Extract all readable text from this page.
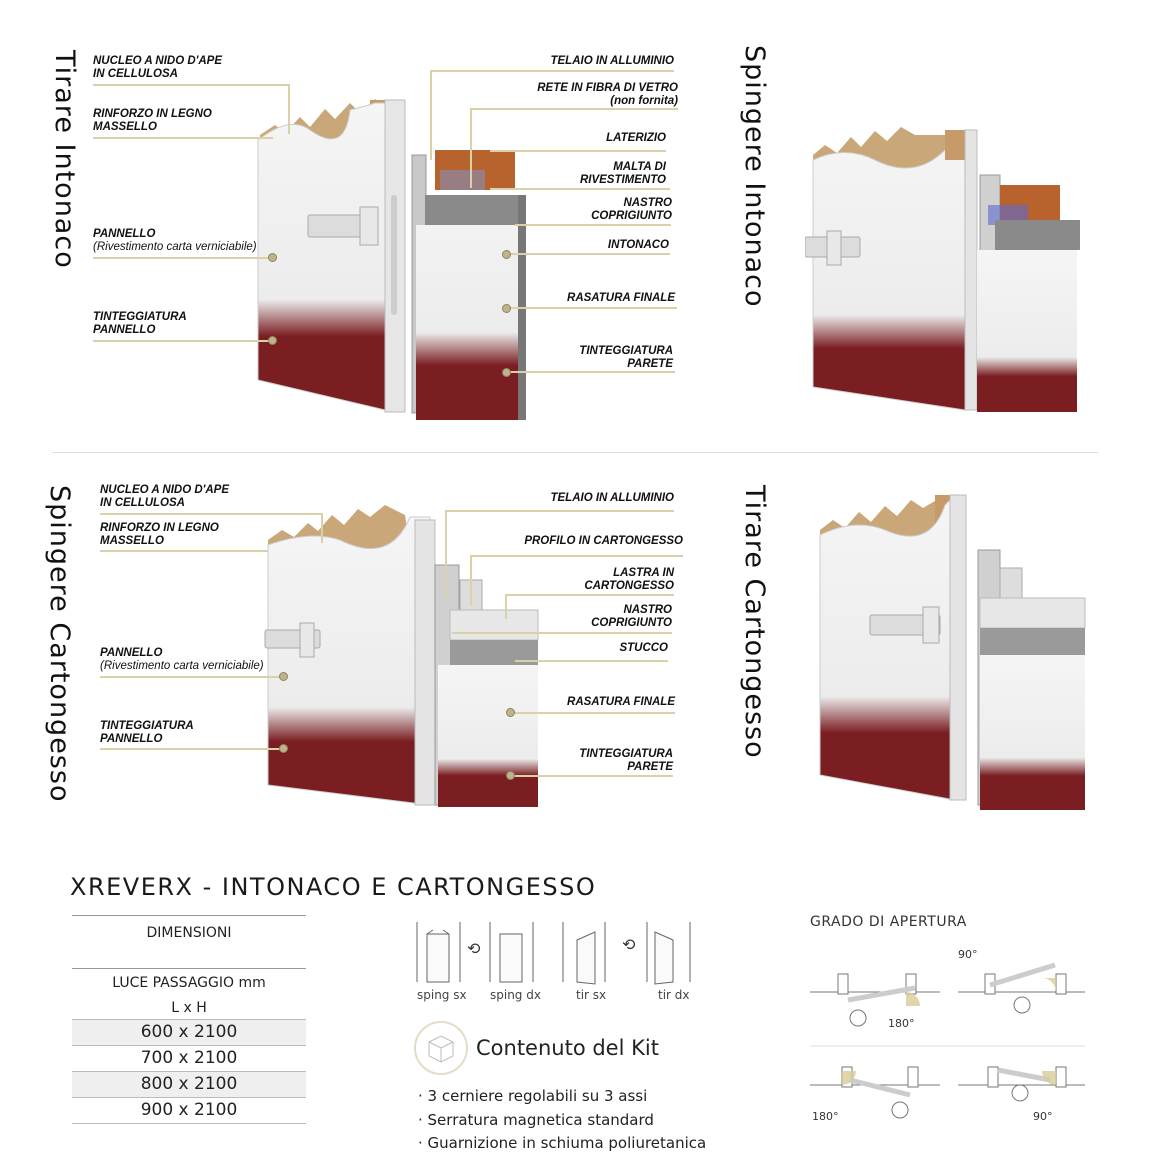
Tirare Intonaco NUCLEO A NIDO D'APE
IN CELLULOSA
RINFORZO IN LEGNO
MASSELLO
PANNELLO
(Rivestimento carta verniciabile)
TINTEGGIATURA
PANNELLO
TELAIO IN ALLUMINIO
RETE IN FIBRA DI VETRO
(non fornita)
LATERIZIO
MALTA DI
RIVESTIMENTO
NASTRO
COPRIGIUNTO
INTONACO
RASATURA FINALE
TINTEGGIATURA
PARETE
Spingere Intonaco
Spingere Cartongesso NUCLEO A NIDO D'APE
IN CELLULOSA
RINFORZO IN LEGNO
MASSELLO
PANNELLO
(Rivestimento carta verniciabile)
TINTEGGIATURA
PANNELLO
TELAIO IN ALLUMINIO
PROFILO IN CARTONGESSO
LASTRA IN
CARTONGESSO
NASTRO
COPRIGIUNTO
STUCCO
RASATURA FINALE
TINTEGGIATURA
PARETE
Tirare Cartongesso
XREVERX - INTONACO E CARTONGESSO
DIMENSIONI
LUCE PASSAGGIO mm
L x H
600 x 2100
700 x 2100
800 x 2100
900 x 2100
⟲	⟲
sping sx sping dx	tir sx	tir dx
Contenuto del Kit
· 3 cerniere regolabili su 3 assi
· Serratura magnetica standard
· Guarnizione in schiuma poliuretanica
GRADO DI APERTURA
90°
180°
180°	90°
